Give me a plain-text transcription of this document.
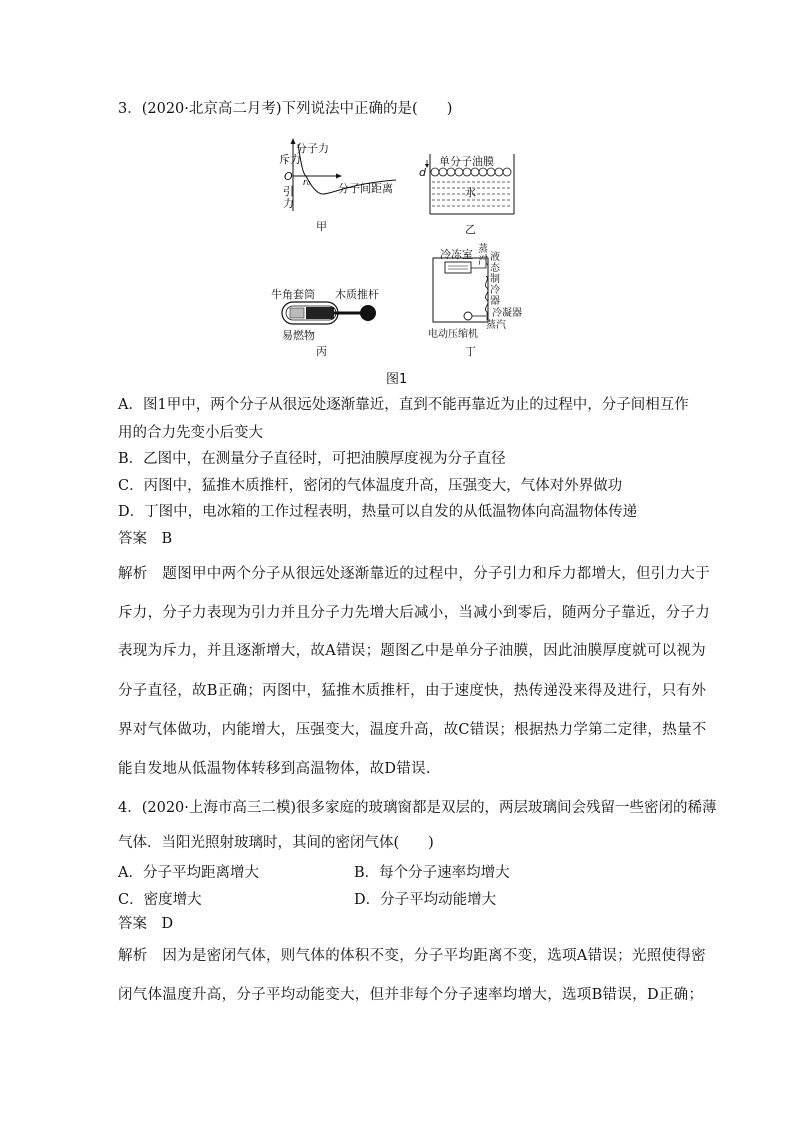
3．(2020·北京高二月考)下列说法中正确的是(　　)
分子力
斥力
O
引
力
r₀	分子间距离
甲
单分子油膜
d
水
乙
牛角套筒 木质推杆
易燃物
丙
冷冻室 蒸
汽 液
态
制
冷
器
冷凝器
蒸汽
电动压缩机
丁
图1
A．图1甲中，两个分子从很远处逐渐靠近，直到不能再靠近为止的过程中，分子间相互作
用的合力先变小后变大
B．乙图中，在测量分子直径时，可把油膜厚度视为分子直径
C．丙图中，猛推木质推杆，密闭的气体温度升高，压强变大，气体对外界做功
D．丁图中，电冰箱的工作过程表明，热量可以自发的从低温物体向高温物体传递
答案　B
解析　题图甲中两个分子从很远处逐渐靠近的过程中，分子引力和斥力都增大，但引力大于
斥力，分子力表现为引力并且分子力先增大后减小，当减小到零后，随两分子靠近，分子力
表现为斥力，并且逐渐增大，故A错误；题图乙中是单分子油膜，因此油膜厚度就可以视为
分子直径，故B正确；丙图中，猛推木质推杆，由于速度快，热传递没来得及进行，只有外
界对气体做功，内能增大，压强变大，温度升高，故C错误；根据热力学第二定律，热量不
能自发地从低温物体转移到高温物体，故D错误.
4．(2020·上海市高三二模)很多家庭的玻璃窗都是双层的，两层玻璃间会残留一些密闭的稀薄
气体．当阳光照射玻璃时，其间的密闭气体(　　)
A．分子平均距离增大	B．每个分子速率均增大
C．密度增大	D．分子平均动能增大
答案　D
解析　因为是密闭气体，则气体的体积不变，分子平均距离不变，选项A错误；光照使得密
闭气体温度升高，分子平均动能变大，但并非每个分子速率均增大，选项B错误，D正确；
